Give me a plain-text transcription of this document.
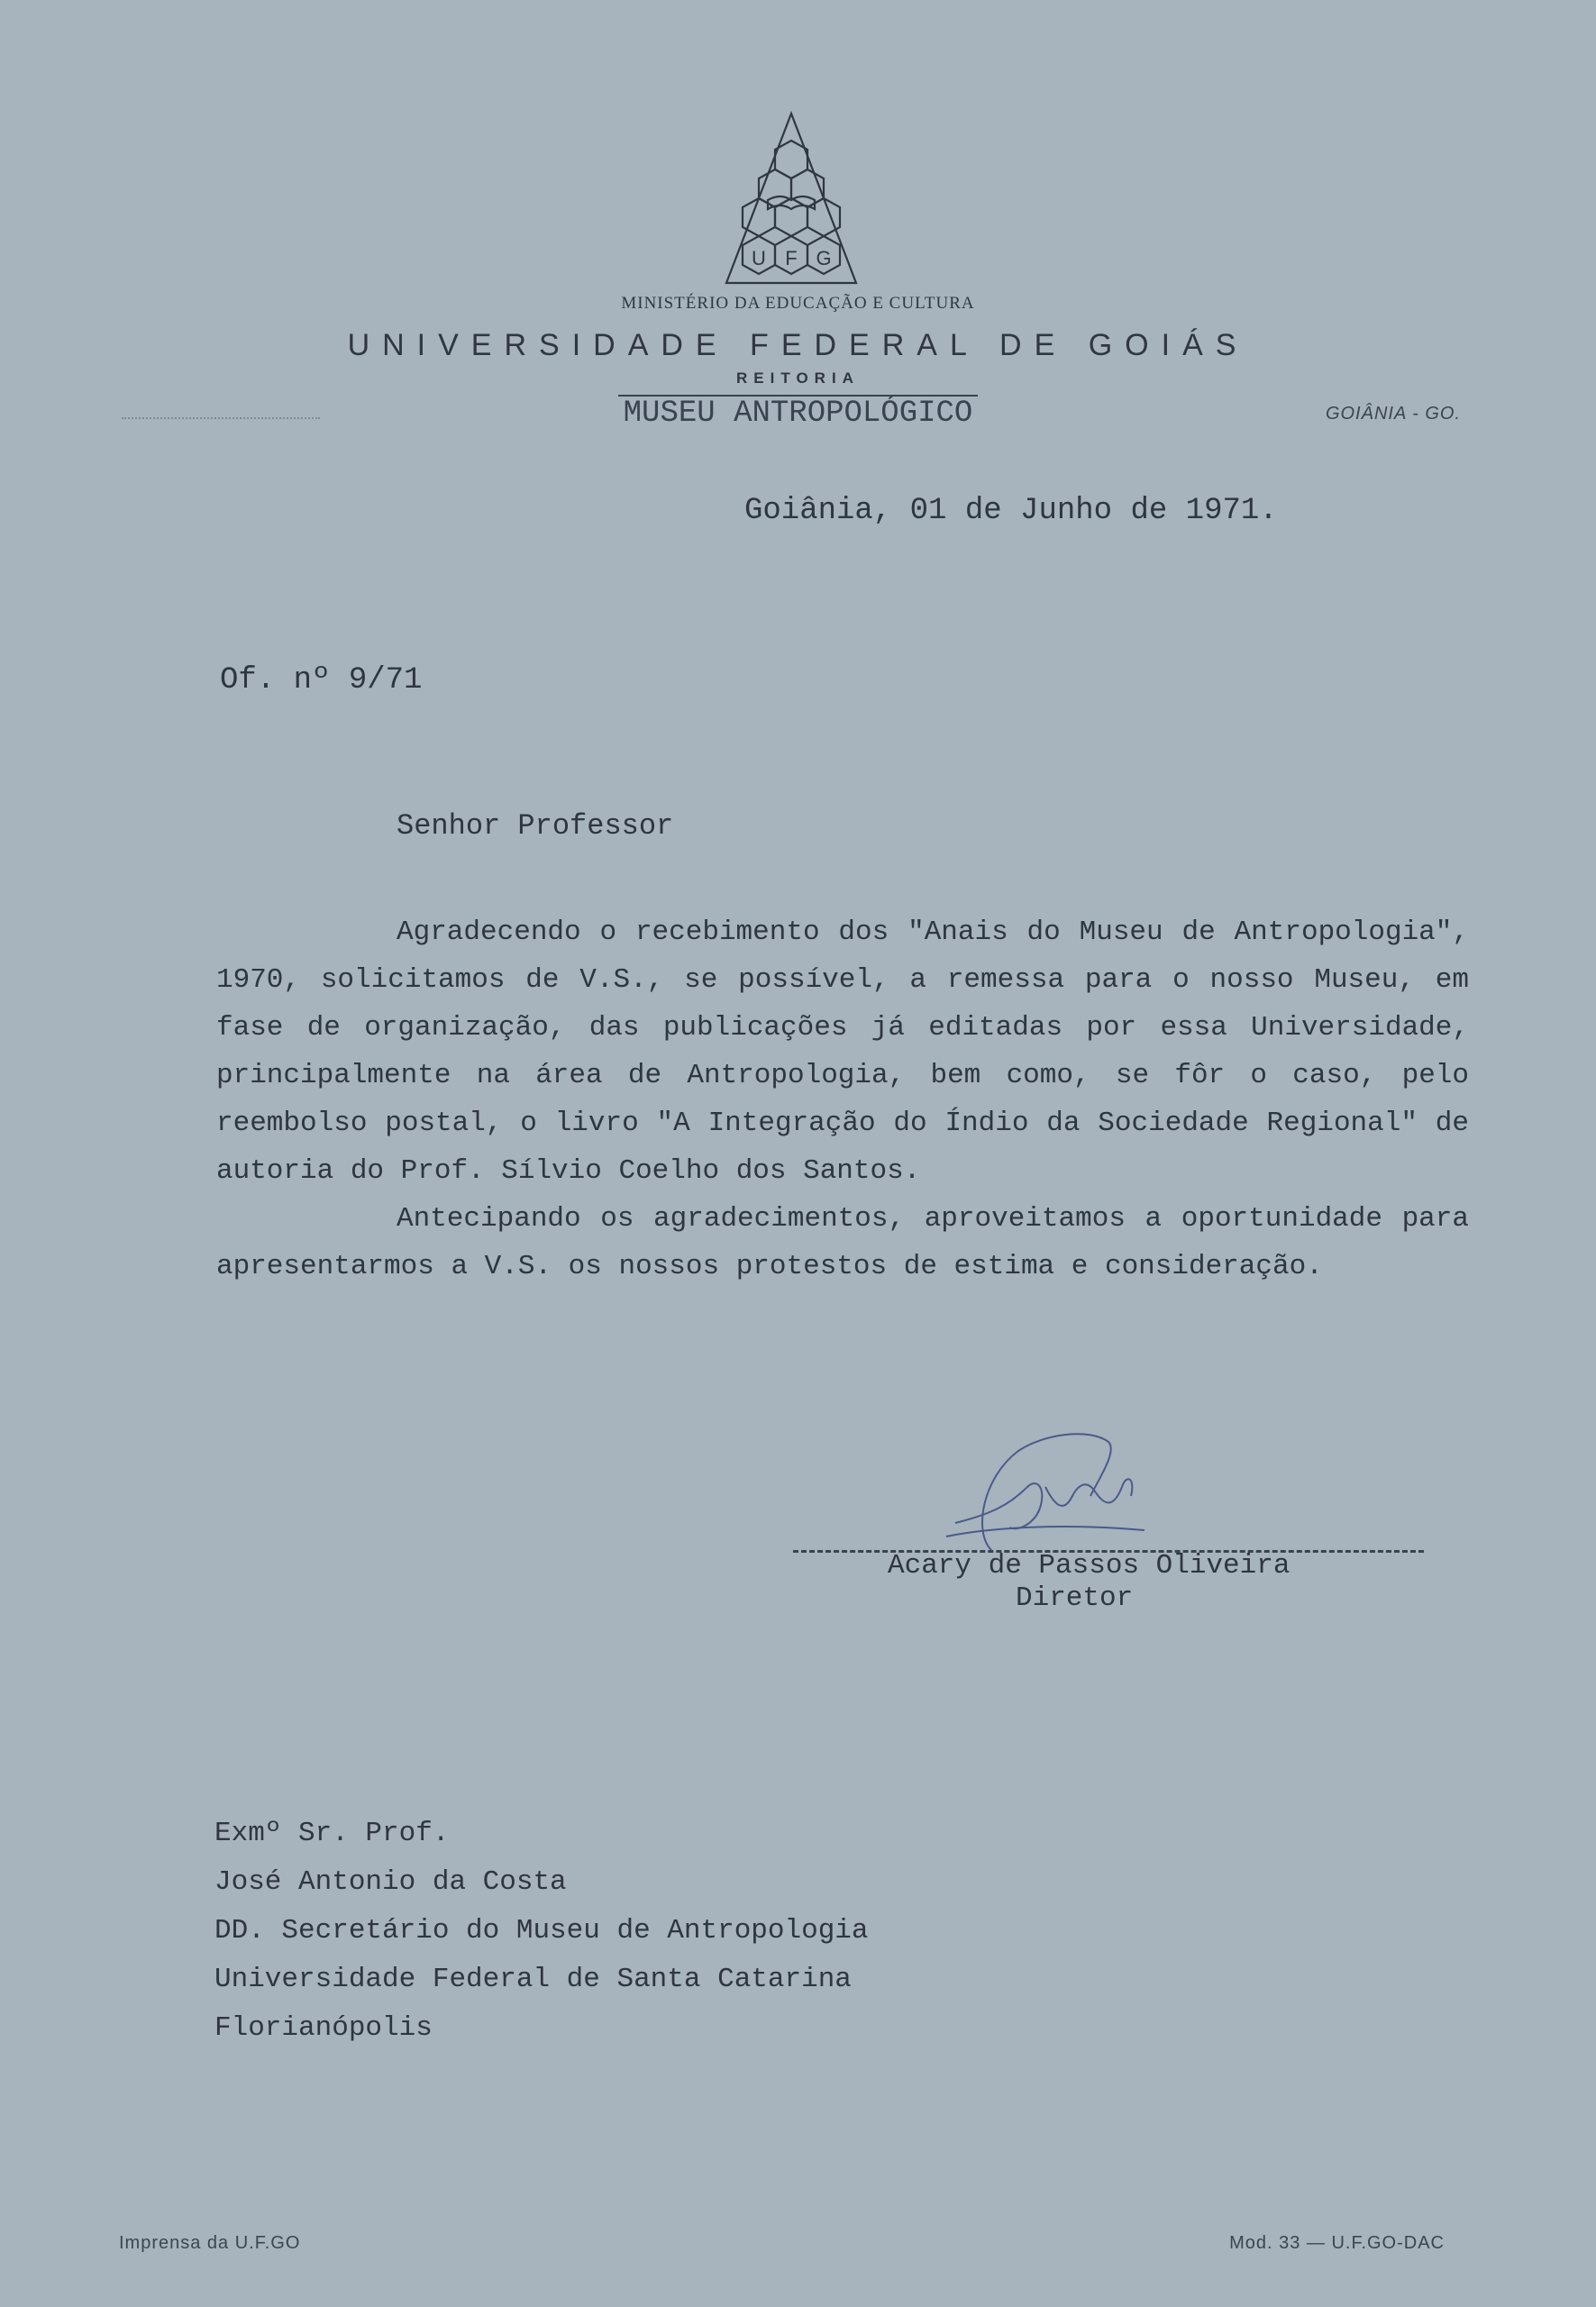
U F G
MINISTÉRIO DA EDUCAÇÃO E CULTURA
UNIVERSIDADE FEDERAL DE GOIÁS
REITORIA
MUSEU ANTROPOLÓGICO	GOIÂNIA - GO.
Goiânia, 01 de Junho de 1971.
Of. nº 9/71
Senhor Professor

Agradecendo o recebimento dos "Anais do Museu de Antropologia", 1970, solicitamos de V.S., se possível, a remessa para o nosso Museu, em fase de organização, das publicações já editadas por essa Universidade, principalmente na área de Antropologia, bem como, se fôr o caso, pelo reembolso postal, o livro "A Integração do Índio da Sociedade Regional" de autoria do Prof. Sílvio Coelho dos Santos.

Antecipando os agradecimentos, aproveitamos a oportunidade para apresentarmos a V.S. os nossos protestos de estima e consideração.

Acary de Passos Oliveira
Diretor
Exmº Sr. Prof.
José Antonio da Costa
DD. Secretário do Museu de Antropologia
Universidade Federal de Santa Catarina
Florianópolis
Imprensa da U.F.GO	Mod. 33 — U.F.GO-DAC
